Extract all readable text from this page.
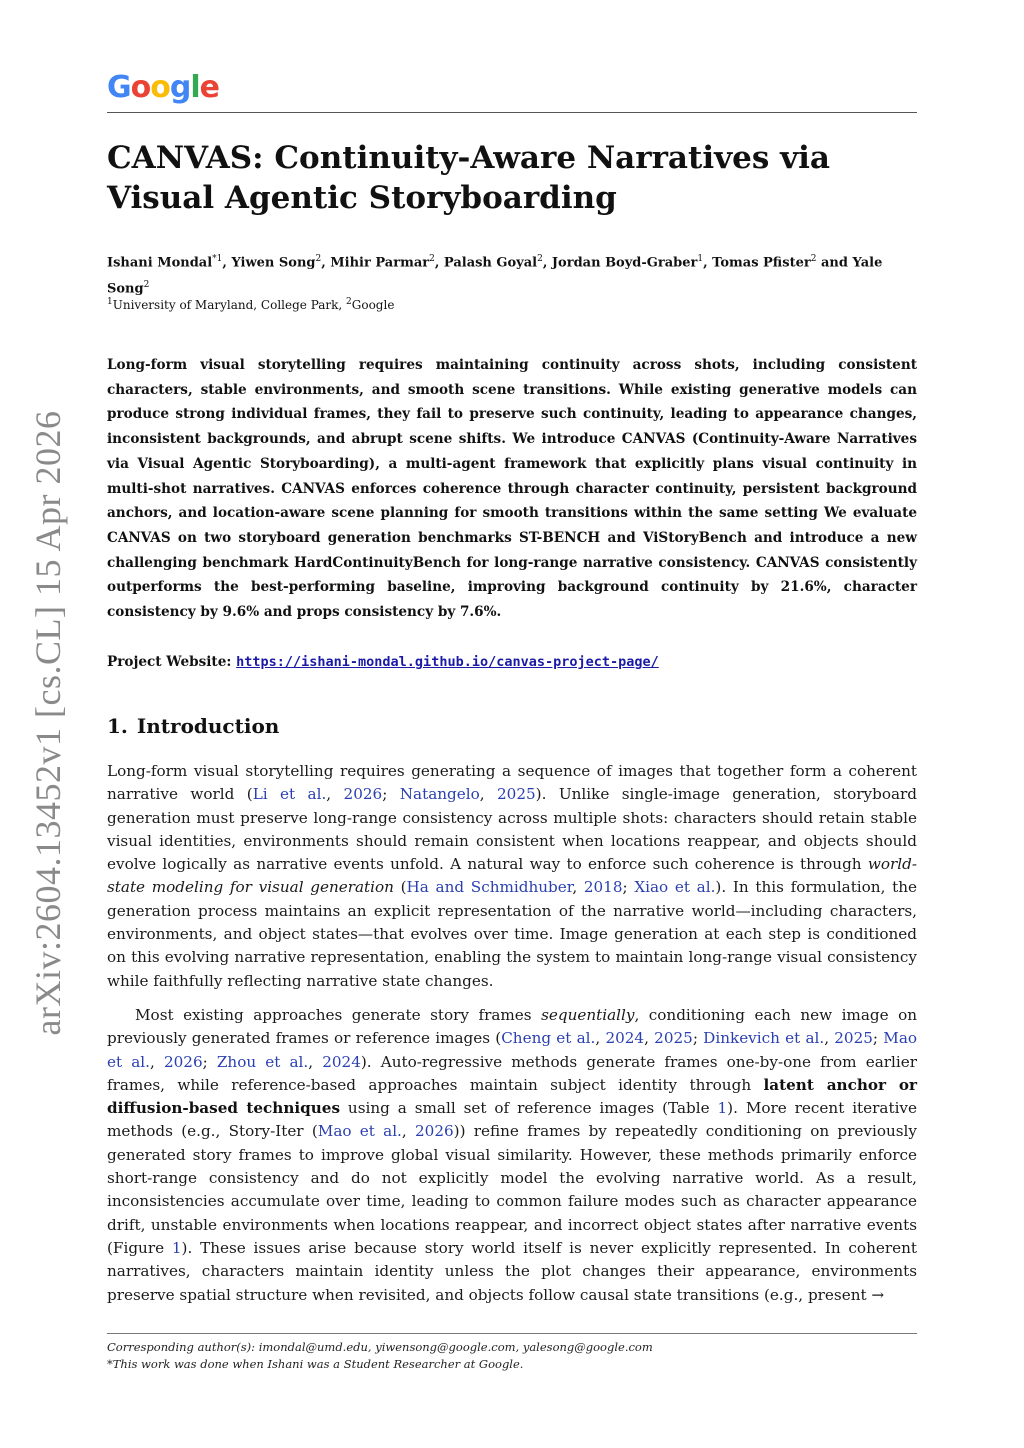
Google
arXiv:2604.13452v1 [cs.CL] 15 Apr 2026
CANVAS: Continuity-Aware Narratives via Visual Agentic Storyboarding
Ishani Mondal$^{*1}$, Yiwen Song$^2$, Mihir Parmar$^2$, Palash Goyal$^2$, Jordan Boyd-Graber$^1$, Tomas Pfister$^2$ and Yale Song$^2$
$^1$University of Maryland, College Park, $^2$Google

Long-form visual storytelling requires maintaining continuity across shots, including consistent characters, stable environments, and smooth scene transitions. While existing generative models can produce strong individual frames, they fail to preserve such continuity, leading to appearance changes, inconsistent backgrounds, and abrupt scene shifts. We introduce CANVAS (Continuity-Aware Narratives via Visual Agentic Storyboarding), a multi-agent framework that explicitly plans visual continuity in multi-shot narratives. CANVAS enforces coherence through character continuity, persistent background anchors, and location-aware scene planning for smooth transitions within the same setting We evaluate CANVAS on two storyboard generation benchmarks ST-BENCH and ViStoryBench and introduce a new challenging benchmark HardContinuityBench for long-range narrative consistency. CANVAS consistently outperforms the best-performing baseline, improving background continuity by 21.6%, character consistency by 9.6% and props consistency by 7.6%.

Project Website: https://ishani-mondal.github.io/canvas-project-page/
1. Introduction

Long-form visual storytelling requires generating a sequence of images that together form a coherent narrative world (Li et al., 2026; Natangelo, 2025). Unlike single-image generation, storyboard generation must preserve long-range consistency across multiple shots: characters should retain stable visual identities, environments should remain consistent when locations reappear, and objects should evolve logically as narrative events unfold. A natural way to enforce such coherence is through world-state modeling for visual generation (Ha and Schmidhuber, 2018; Xiao et al.). In this formulation, the generation process maintains an explicit representation of the narrative world—including characters, environments, and object states—that evolves over time. Image generation at each step is conditioned on this evolving narrative representation, enabling the system to maintain long-range visual consistency while faithfully reflecting narrative state changes.

Most existing approaches generate story frames sequentially, conditioning each new image on previously generated frames or reference images (Cheng et al., 2024, 2025; Dinkevich et al., 2025; Mao et al., 2026; Zhou et al., 2024). Auto-regressive methods generate frames one-by-one from earlier frames, while reference-based approaches maintain subject identity through latent anchor or diffusion-based techniques using a small set of reference images (Table 1). More recent iterative methods (e.g., Story-Iter (Mao et al., 2026)) refine frames by repeatedly conditioning on previously generated story frames to improve global visual similarity. However, these methods primarily enforce short-range consistency and do not explicitly model the evolving narrative world. As a result, inconsistencies accumulate over time, leading to common failure modes such as character appearance drift, unstable environments when locations reappear, and incorrect object states after narrative events (Figure 1). These issues arise because story world itself is never explicitly represented. In coherent narratives, characters maintain identity unless the plot changes their appearance, environments preserve spatial structure when revisited, and objects follow causal state transitions (e.g., present →

Corresponding author(s): imondal@umd.edu, yiwensong@google.com, yalesong@google.com
*This work was done when Ishani was a Student Researcher at Google.
